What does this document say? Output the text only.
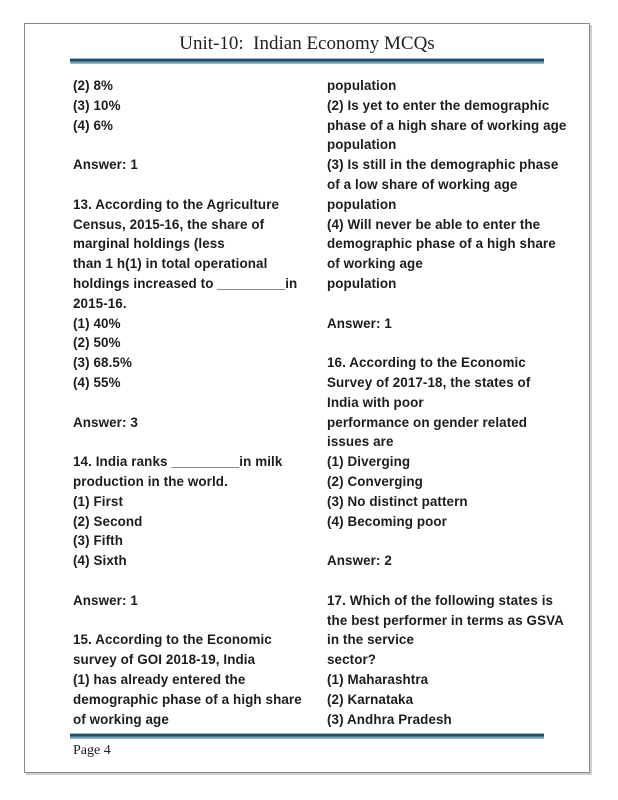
Unit-10:  Indian Economy MCQs
(2) 8%
(3) 10%
(4) 6%

Answer: 1

13. According to the Agriculture
Census, 2015-16, the share of
marginal holdings (less
than 1 h(1) in total operational
holdings increased to _________in
2015-16.
(1) 40%
(2) 50%
(3) 68.5%
(4) 55%

Answer: 3

14. India ranks _________in milk
production in the world.
(1) First
(2) Second
(3) Fifth
(4) Sixth

Answer: 1

15. According to the Economic
survey of GOI 2018-19, India
(1) has already entered the
demographic phase of a high share
of working age
population
(2) Is yet to enter the demographic
phase of a high share of working age
population
(3) Is still in the demographic phase
of a low share of working age
population
(4) Will never be able to enter the
demographic phase of a high share
of working age
population

Answer: 1

16. According to the Economic
Survey of 2017-18, the states of
India with poor
performance on gender related
issues are
(1) Diverging
(2) Converging
(3) No distinct pattern
(4) Becoming poor

Answer: 2

17. Which of the following states is
the best performer in terms as GSVA
in the service
sector?
(1) Maharashtra
(2) Karnataka
(3) Andhra Pradesh
Page 4
